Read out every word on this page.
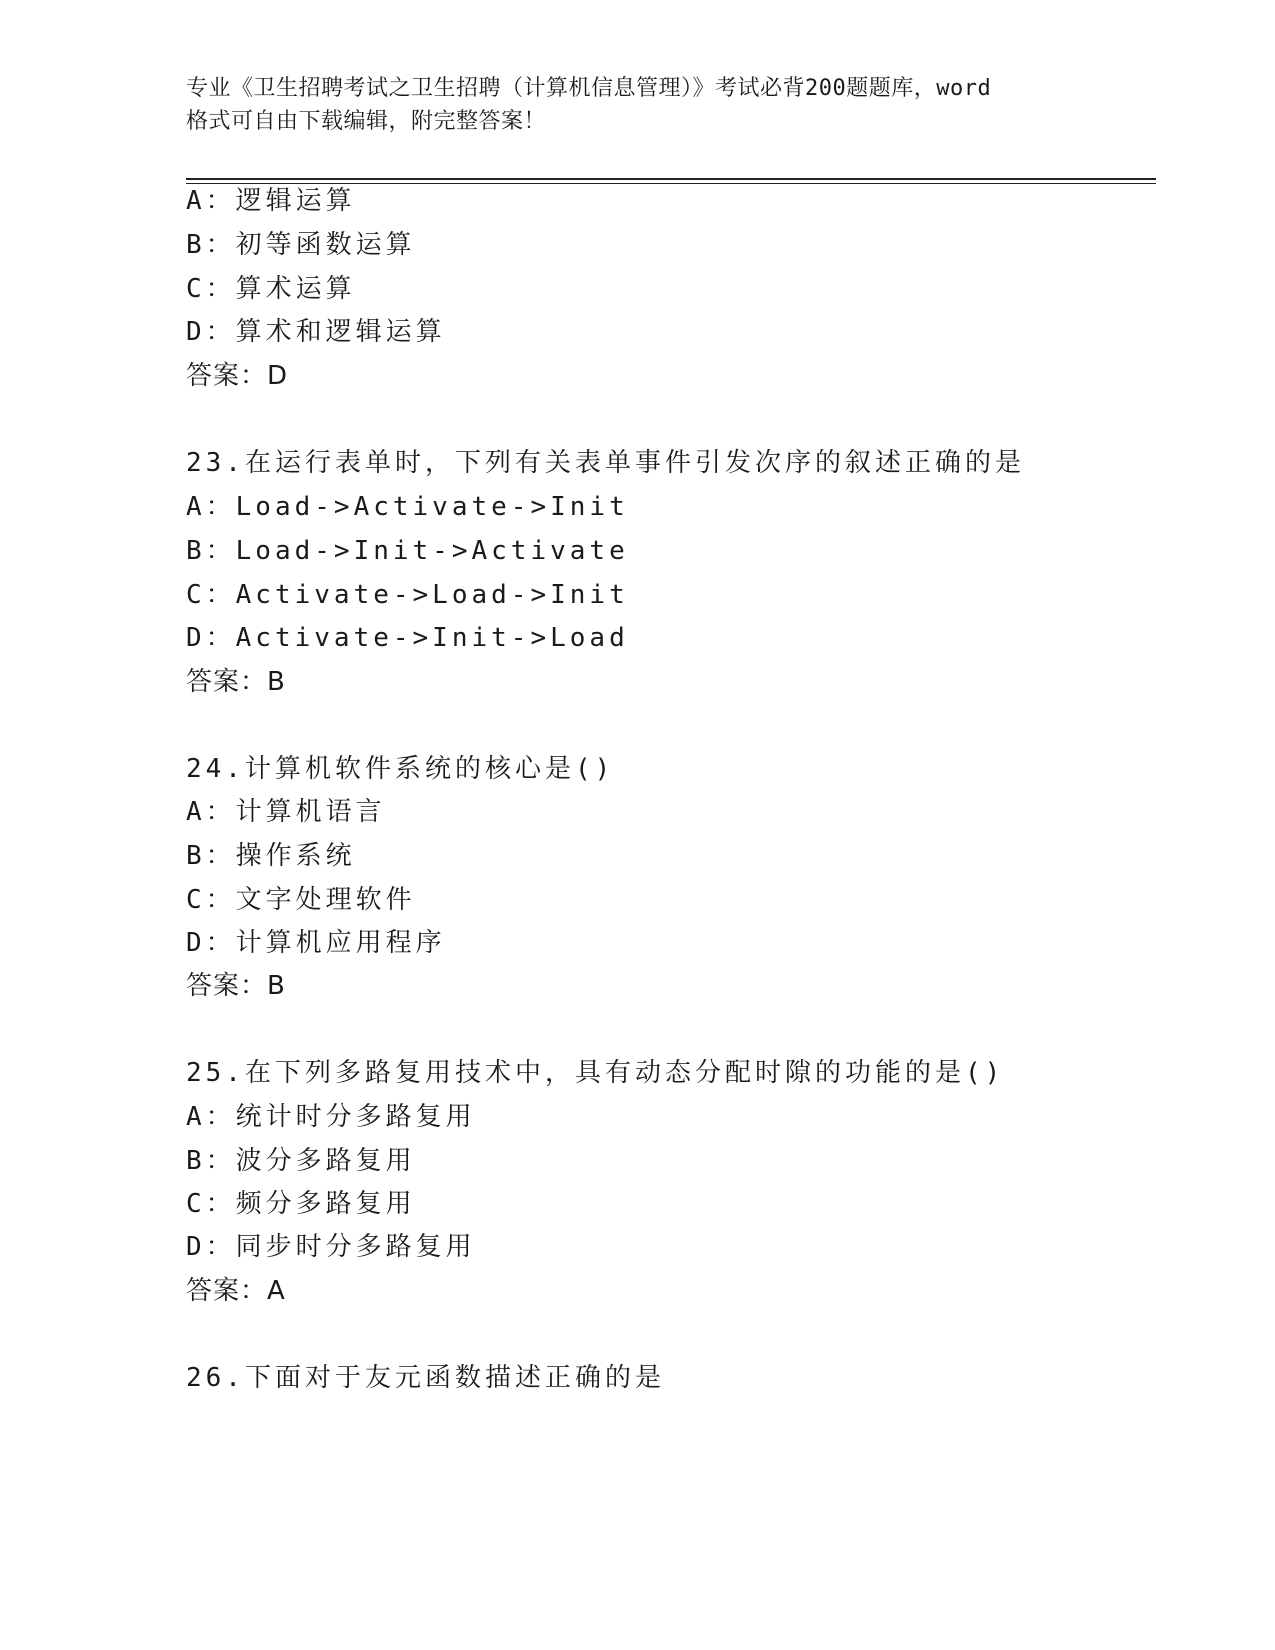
专业《卫生招聘考试之卫生招聘（计算机信息管理）》考试必背200题题库，word
格式可自由下载编辑，附完整答案！
A：逻辑运算
B：初等函数运算
C：算术运算
D：算术和逻辑运算
答案：D
23.在运行表单时，下列有关表单事件引发次序的叙述正确的是
A：Load->Activate->Init
B：Load->Init->Activate
C：Activate->Load->Init
D：Activate->Init->Load
答案：B
24.计算机软件系统的核心是()
A：计算机语言
B：操作系统
C：文字处理软件
D：计算机应用程序
答案：B
25.在下列多路复用技术中，具有动态分配时隙的功能的是()
A：统计时分多路复用
B：波分多路复用
C：频分多路复用
D：同步时分多路复用
答案：A
26.下面对于友元函数描述正确的是
